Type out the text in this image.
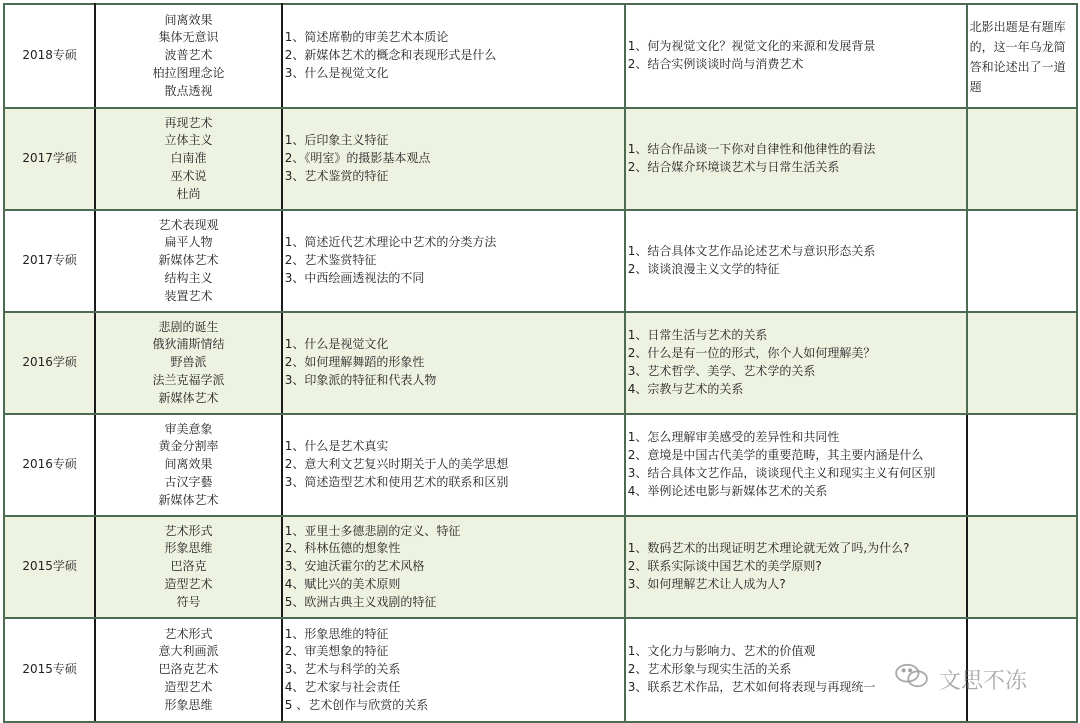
2018专硕	间离效果
集体无意识
波普艺术
柏拉图理念论
散点透视	1、简述席勒的审美艺术本质论
2、新媒体艺术的概念和表现形式是什么
3、什么是视觉文化	1、何为视觉文化？视觉文化的来源和发展背景
2、结合实例谈谈时尚与消费艺术	北影出题是有题库的，这一年乌龙简答和论述出了一道题
2017学硕	再现艺术
立体主义
白南准
巫术说
杜尚	1、后印象主义特征
2、《明室》的摄影基本观点
3、艺术鉴赏的特征	1、结合作品谈一下你对自律性和他律性的看法
2、结合媒介环境谈艺术与日常生活关系	

2017专硕	艺术表现观
扁平人物
新媒体艺术
结构主义
装置艺术	1、简述近代艺术理论中艺术的分类方法
2、艺术鉴赏特征
3、中西绘画透视法的不同	1、结合具体文艺作品论述艺术与意识形态关系
2、谈谈浪漫主义文学的特征	

2016学硕	悲剧的诞生
俄狄浦斯情结
野兽派
法兰克福学派
新媒体艺术	1、什么是视觉文化
2、如何理解舞蹈的形象性
3、印象派的特征和代表人物	1、日常生活与艺术的关系
2、什么是有一位的形式，你个人如何理解美？
3、艺术哲学、美学、艺术学的关系
4、宗教与艺术的关系	

2016专硕	审美意象
黄金分割率
间离效果
古汉字藝
新媒体艺术	1、什么是艺术真实
2、意大利文艺复兴时期关于人的美学思想
3、简述造型艺术和使用艺术的联系和区别	1、怎么理解审美感受的差异性和共同性
2、意境是中国古代美学的重要范畴，其主要内涵是什么
3、结合具体文艺作品，谈谈现代主义和现实主义有何区别
4、举例论述电影与新媒体艺术的关系	

2015学硕	艺术形式
形象思维
巴洛克
造型艺术
符号	1、亚里士多德悲剧的定义、特征
2、科林伍德的想象性
3、安迪沃霍尔的艺术风格
4、赋比兴的美术原则
5、欧洲古典主义戏剧的特征	1、数码艺术的出现证明艺术理论就无效了吗,为什么?
2、联系实际谈中国艺术的美学原则?
3、如何理解艺术让人成为人?	

2015专硕	艺术形式
意大利画派
巴洛克艺术
造型艺术
形象思维	1、形象思维的特征
2、审美想象的特征
3、艺术与科学的关系
4、艺术家与社会责任
5 、艺术创作与欣赏的关系	1、文化力与影响力、艺术的价值观
2、艺术形象与现实生活的关系
3、联系艺术作品，艺术如何将表现与再现统一	
		文思不冻
